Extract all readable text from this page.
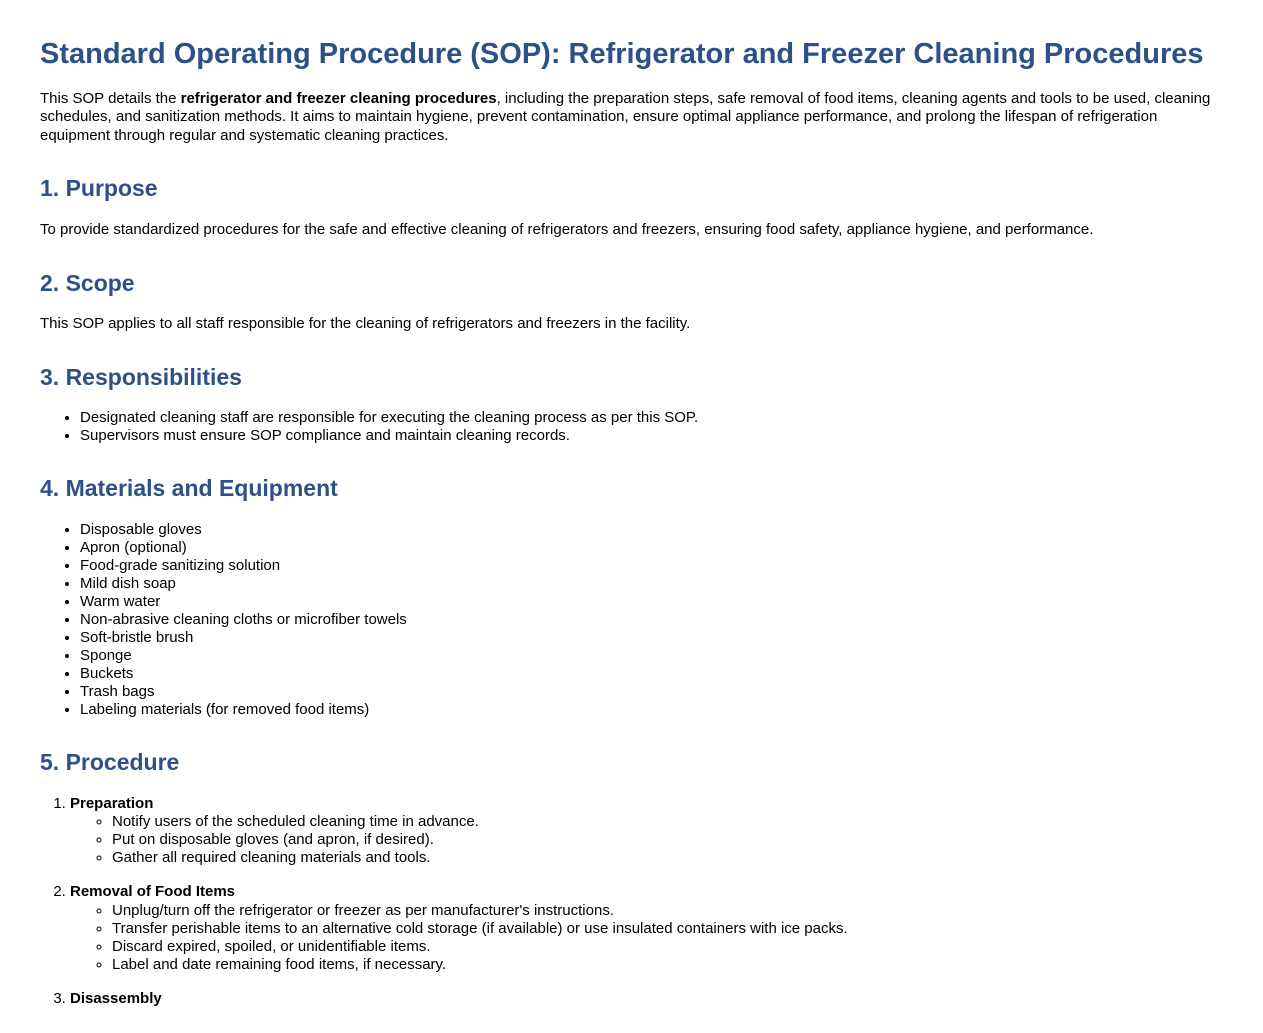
Standard Operating Procedure (SOP): Refrigerator and Freezer Cleaning Procedures

This SOP details the refrigerator and freezer cleaning procedures, including the preparation steps, safe removal of food items, cleaning agents and tools to be used, cleaning schedules, and sanitization methods. It aims to maintain hygiene, prevent contamination, ensure optimal appliance performance, and prolong the lifespan of refrigeration equipment through regular and systematic cleaning practices.

1. Purpose

To provide standardized procedures for the safe and effective cleaning of refrigerators and freezers, ensuring food safety, appliance hygiene, and performance.

2. Scope

This SOP applies to all staff responsible for the cleaning of refrigerators and freezers in the facility.

3. Responsibilities
• Designated cleaning staff are responsible for executing the cleaning process as per this SOP.
• Supervisors must ensure SOP compliance and maintain cleaning records.
4. Materials and Equipment
• Disposable gloves
• Apron (optional)
• Food-grade sanitizing solution
• Mild dish soap
• Warm water
• Non-abrasive cleaning cloths or microfiber towels
• Soft-bristle brush
• Sponge
• Buckets
• Trash bags
• Labeling materials (for removed food items)
5. Procedure
1. Preparation
◦ Notify users of the scheduled cleaning time in advance.
◦ Put on disposable gloves (and apron, if desired).
◦ Gather all required cleaning materials and tools.
2. Removal of Food Items
◦ Unplug/turn off the refrigerator or freezer as per manufacturer's instructions.
◦ Transfer perishable items to an alternative cold storage (if available) or use insulated containers with ice packs.
◦ Discard expired, spoiled, or unidentifiable items.
◦ Label and date remaining food items, if necessary.
3. Disassembly
